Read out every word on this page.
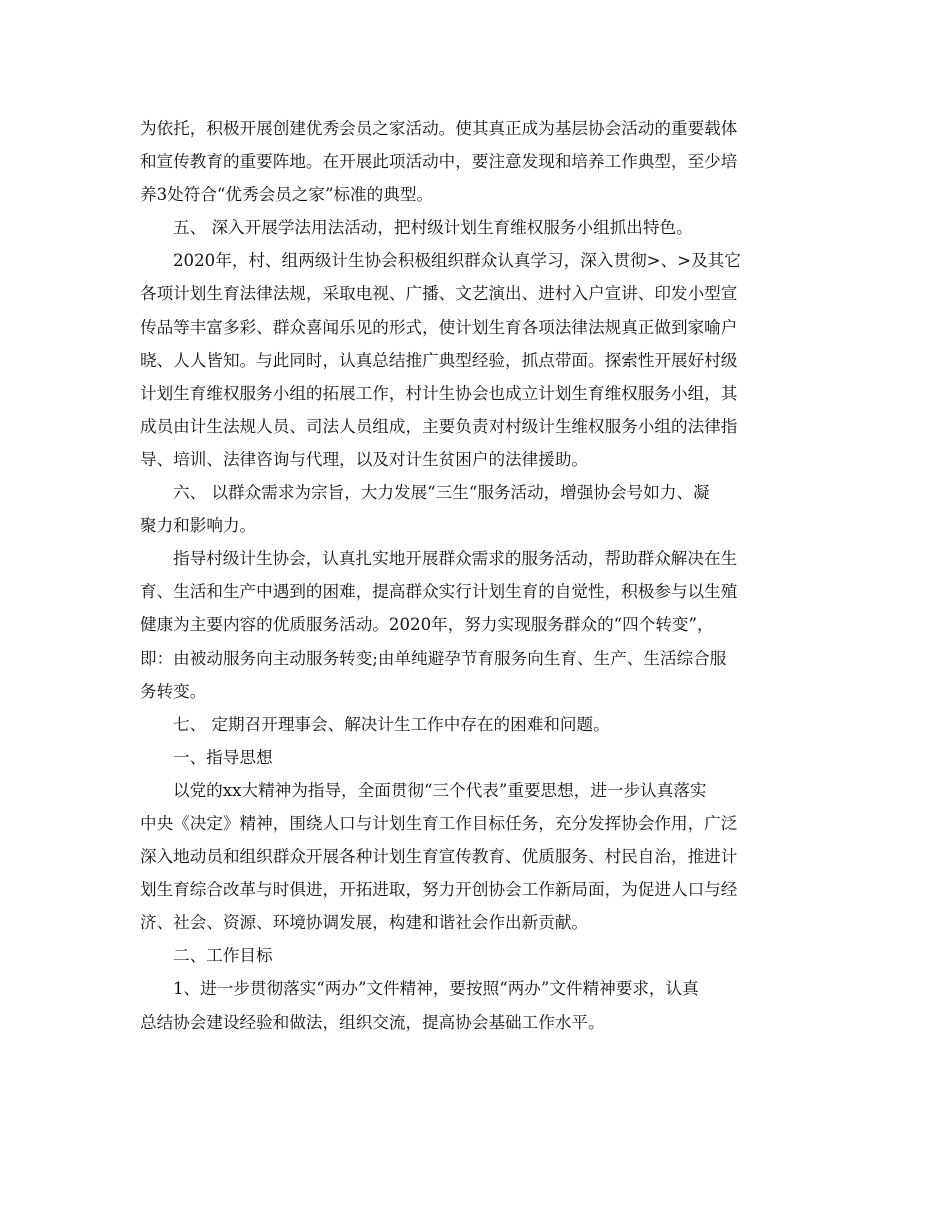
为依托，积极开展创建优秀会员之家活动。使其真正成为基层协会活动的重要载体
和宣传教育的重要阵地。在开展此项活动中，要注意发现和培养工作典型，至少培
养3处符合“优秀会员之家”标准的典型。
五、 深入开展学法用法活动，把村级计划生育维权服务小组抓出特色。
2020年，村、组两级计生协会积极组织群众认真学习，深入贯彻>、>及其它
各项计划生育法律法规，采取电视、广播、文艺演出、进村入户宣讲、印发小型宣
传品等丰富多彩、群众喜闻乐见的形式，使计划生育各项法律法规真正做到家喻户
晓、人人皆知。与此同时，认真总结推广典型经验，抓点带面。探索性开展好村级
计划生育维权服务小组的拓展工作，村计生协会也成立计划生育维权服务小组，其
成员由计生法规人员、司法人员组成，主要负责对村级计生维权服务小组的法律指
导、培训、法律咨询与代理，以及对计生贫困户的法律援助。
六、 以群众需求为宗旨，大力发展“三生“服务活动，增强协会号如力、凝
聚力和影响力。
指导村级计生协会，认真扎实地开展群众需求的服务活动，帮助群众解决在生
育、生活和生产中遇到的困难，提高群众实行计划生育的自觉性，积极参与以生殖
健康为主要内容的优质服务活动。2020年，努力实现服务群众的“四个转变”，
即：由被动服务向主动服务转变;由单纯避孕节育服务向生育、生产、生活综合服
务转变。
七、 定期召开理事会、解决计生工作中存在的困难和问题。
一、指导思想
以党的xx大精神为指导，全面贯彻“三个代表”重要思想，进一步认真落实
中央《决定》精神，围绕人口与计划生育工作目标任务，充分发挥协会作用，广泛
深入地动员和组织群众开展各种计划生育宣传教育、优质服务、村民自治，推进计
划生育综合改革与时俱进，开拓进取，努力开创协会工作新局面，为促进人口与经
济、社会、资源、环境协调发展，构建和谐社会作出新贡献。
二、工作目标
1、进一步贯彻落实“两办”文件精神，要按照“两办”文件精神要求，认真
总结协会建设经验和做法，组织交流，提高协会基础工作水平。
